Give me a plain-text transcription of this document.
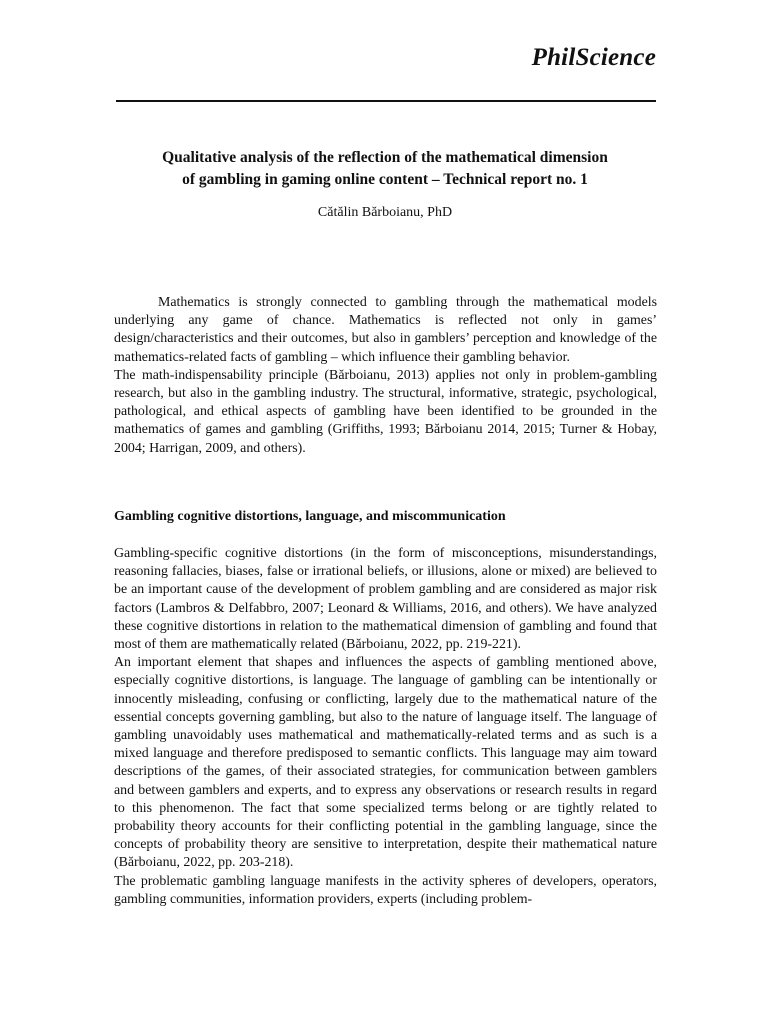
PhilScience
Qualitative analysis of the reflection of the mathematical dimension
of gambling in gaming online content – Technical report no. 1
Cătălin Bărboianu, PhD

Mathematics is strongly connected to gambling through the mathematical models underlying any game of chance. Mathematics is reflected not only in games’ design/characteristics and their outcomes, but also in gamblers’ perception and knowledge of the mathematics-related facts of gambling – which influence their gambling behavior.

The math-indispensability principle (Bărboianu, 2013) applies not only in problem-gambling research, but also in the gambling industry. The structural, informative, strategic, psychological, pathological, and ethical aspects of gambling have been identified to be grounded in the mathematics of games and gambling (Griffiths, 1993; Bărboianu 2014, 2015; Turner & Hobay, 2004; Harrigan, 2009, and others).

Gambling cognitive distortions, language, and miscommunication

Gambling-specific cognitive distortions (in the form of misconceptions, misunderstandings, reasoning fallacies, biases, false or irrational beliefs, or illusions, alone or mixed) are believed to be an important cause of the development of problem gambling and are considered as major risk factors (Lambros & Delfabbro, 2007; Leonard & Williams, 2016, and others). We have analyzed these cognitive distortions in relation to the mathematical dimension of gambling and found that most of them are mathematically related (Bărboianu, 2022, pp. 219-221).

An important element that shapes and influences the aspects of gambling mentioned above, especially cognitive distortions, is language. The language of gambling can be intentionally or innocently misleading, confusing or conflicting, largely due to the mathematical nature of the essential concepts governing gambling, but also to the nature of language itself. The language of gambling unavoidably uses mathematical and mathematically-related terms and as such is a mixed language and therefore predisposed to semantic conflicts. This language may aim toward descriptions of the games, of their associated strategies, for communication between gamblers and between gamblers and experts, and to express any observations or research results in regard to this phenomenon. The fact that some specialized terms belong or are tightly related to probability theory accounts for their conflicting potential in the gambling language, since the concepts of probability theory are sensitive to interpretation, despite their mathematical nature (Bărboianu, 2022, pp. 203-218).

The problematic gambling language manifests in the activity spheres of developers, operators, gambling communities, information providers, experts (including problem-
